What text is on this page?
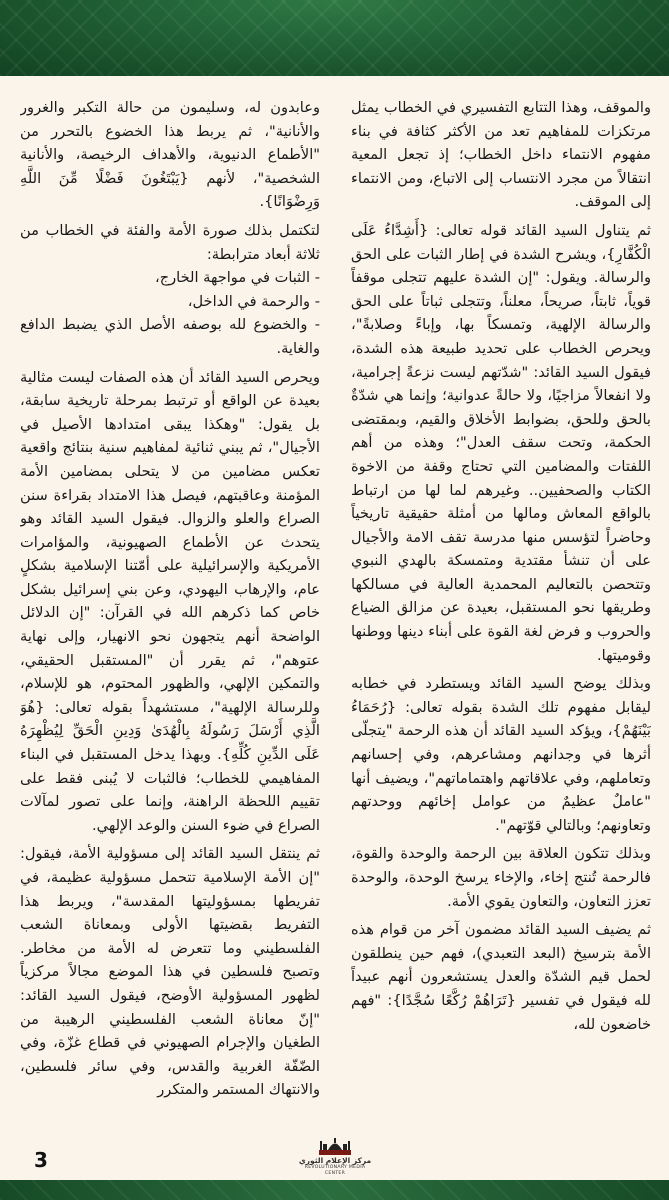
والموقف، وهذا التتابع التفسيري في الخطاب يمثل مرتكزات للمفاهيم تعد من الأكثر كثافة في بناء مفهوم الانتماء داخل الخطاب؛ إذ تجعل المعية انتقالاً من مجرد الانتساب إلى الاتباع، ومن الانتماء إلى الموقف.

ثم يتناول السيد القائد قوله تعالى: {أَشِدَّاءُ عَلَى الْكُفَّارِ}، ويشرح الشدة في إطار الثبات على الحق والرسالة. ويقول: "إن الشدة عليهم تتجلى موقفاً قوياً، ثابتاً، صريحاً، معلناً، وتتجلى ثباتاً على الحق والرسالة الإلهية، وتمسكاً بها، وإباءً وصلابةً"، ويحرص الخطاب على تحديد طبيعة هذه الشدة، فيقول السيد القائد: "شدّتهم ليست نزعةً إجرامية، ولا انفعالاً مزاجيًا، ولا حالةً عدوانية؛ وإنما هي شدّةٌ بالحق وللحق، بضوابط الأخلاق والقيم، وبمقتضى الحكمة، وتحت سقف العدل"؛ وهذه من أهم اللفتات والمضامين التي تحتاج وقفة من الاخوة الكتاب والصحفيين.. وغيرهم لما لها من ارتباط بالواقع المعاش ومالها من أمثلة حقيقية تاريخياً وحاضراً لتؤسس منها مدرسة تقف الامة والأجيال على أن تنشأ مقتدية ومتمسكة بالهدي النبوي وتتحصن بالتعاليم المحمدية العالية في مسالكها وطريقها نحو المستقبل، بعيدة عن مزالق الضياع والحروب و فرض لغة القوة على أبناء دينها ووطنها وقوميتها.

وبذلك يوضح السيد القائد ويستطرد في خطابه ليقابل مفهوم تلك الشدة بقوله تعالى: {رُحَمَاءُ بَيْنَهُمْ}، ويؤكد السيد القائد أن هذه الرحمة "يتجلّى أثرها في وجدانهم ومشاعرهم، وفي إحسانهم وتعاملهم، وفي علاقاتهم واهتماماتهم"، ويضيف أنها "عاملٌ عظيمٌ من عوامل إخائهم ووحدتهم وتعاونهم؛ وبالتالي قوّتهم".

وبذلك تتكون العلاقة بين الرحمة والوحدة والقوة، فالرحمة تُنتج إخاء، والإخاء يرسخ الوحدة، والوحدة تعزز التعاون، والتعاون يقوي الأمة.

ثم يضيف السيد القائد مضمون آخر من قوام هذه الأمة بترسيخ (البعد التعبدي)، فهم حين ينطلقون لحمل قيم الشدّة والعدل يستشعرون أنهم عبيداً لله فيقول في تفسير {تَرَاهُمْ رُكَّعًا سُجَّدًا}: "فهم خاضعون لله،

وعابدون له، وسليمون من حالة التكبر والغرور والأنانية"، ثم يربط هذا الخضوع بالتحرر من "الأطماع الدنيوية، والأهداف الرخيصة، والأنانية الشخصية"، لأنهم {يَبْتَغُونَ فَضْلًا مِّنَ اللَّهِ وَرِضْوَانًا}.

لتكتمل بذلك صورة الأمة والفئة في الخطاب من ثلاثة أبعاد مترابطة:

- الثبات في مواجهة الخارج،

- والرحمة في الداخل،

- والخضوع لله بوصفه الأصل الذي يضبط الدافع والغاية.

ويحرص السيد القائد أن هذه الصفات ليست مثالية بعيدة عن الواقع أو ترتبط بمرحلة تاريخية سابقة، بل يقول: "وهكذا يبقى امتدادها الأصيل في الأجيال"، ثم يبني ثنائية لمفاهيم سنية بنتائج واقعية تعكس مضامين من لا يتحلى بمضامين الأمة المؤمنة وعاقبتهم، فيصل هذا الامتداد بقراءة سنن الصراع والعلو والزوال. فيقول السيد القائد وهو يتحدث عن الأطماع الصهيونية، والمؤامرات الأمريكية والإسرائيلية على أمّتنا الإسلامية بشكلٍ عام، والإرهاب اليهودي، وعن بني إسرائيل بشكل خاص كما ذكرهم الله في القرآن: "إن الدلائل الواضحة أنهم يتجهون نحو الانهيار، وإلى نهاية عتوهم"، ثم يقرر أن "المستقبل الحقيقي، والتمكين الإلهي، والظهور المحتوم، هو للإسلام، وللرسالة الإلهية"، مستشهداً بقوله تعالى: {هُوَ الَّذِي أَرْسَلَ رَسُولَهُ بِالْهُدَىٰ وَدِينِ الْحَقِّ لِيُظْهِرَهُ عَلَى الدِّينِ كُلِّهِ}. وبهذا يدخل المستقبل في البناء المفاهيمي للخطاب؛ فالثبات لا يُبنى فقط على تقييم اللحظة الراهنة، وإنما على تصور لمآلات الصراع في ضوء السنن والوعد الإلهي.

ثم ينتقل السيد القائد إلى مسؤولية الأمة، فيقول: "إن الأمة الإسلامية تتحمل مسؤولية عظيمة، في تفريطها بمسؤوليتها المقدسة"، ويربط هذا التفريط بقضيتها الأولى وبمعاناة الشعب الفلسطيني وما تتعرض له الأمة من مخاطر. وتصبح فلسطين في هذا الموضع مجالاً مركزياً لظهور المسؤولية الأوضح، فيقول السيد القائد: "إنّ معاناة الشعب الفلسطيني الرهيبة من الطغيان والإجرام الصهيوني في قطاع غزّة، وفي الضّفّة الغربية والقدس، وفي سائر فلسطين، والانتهاك المستمر والمتكرر

3	مركز الإعلام الثوري
REVOLUTIONARY MEDIA
CENTER
